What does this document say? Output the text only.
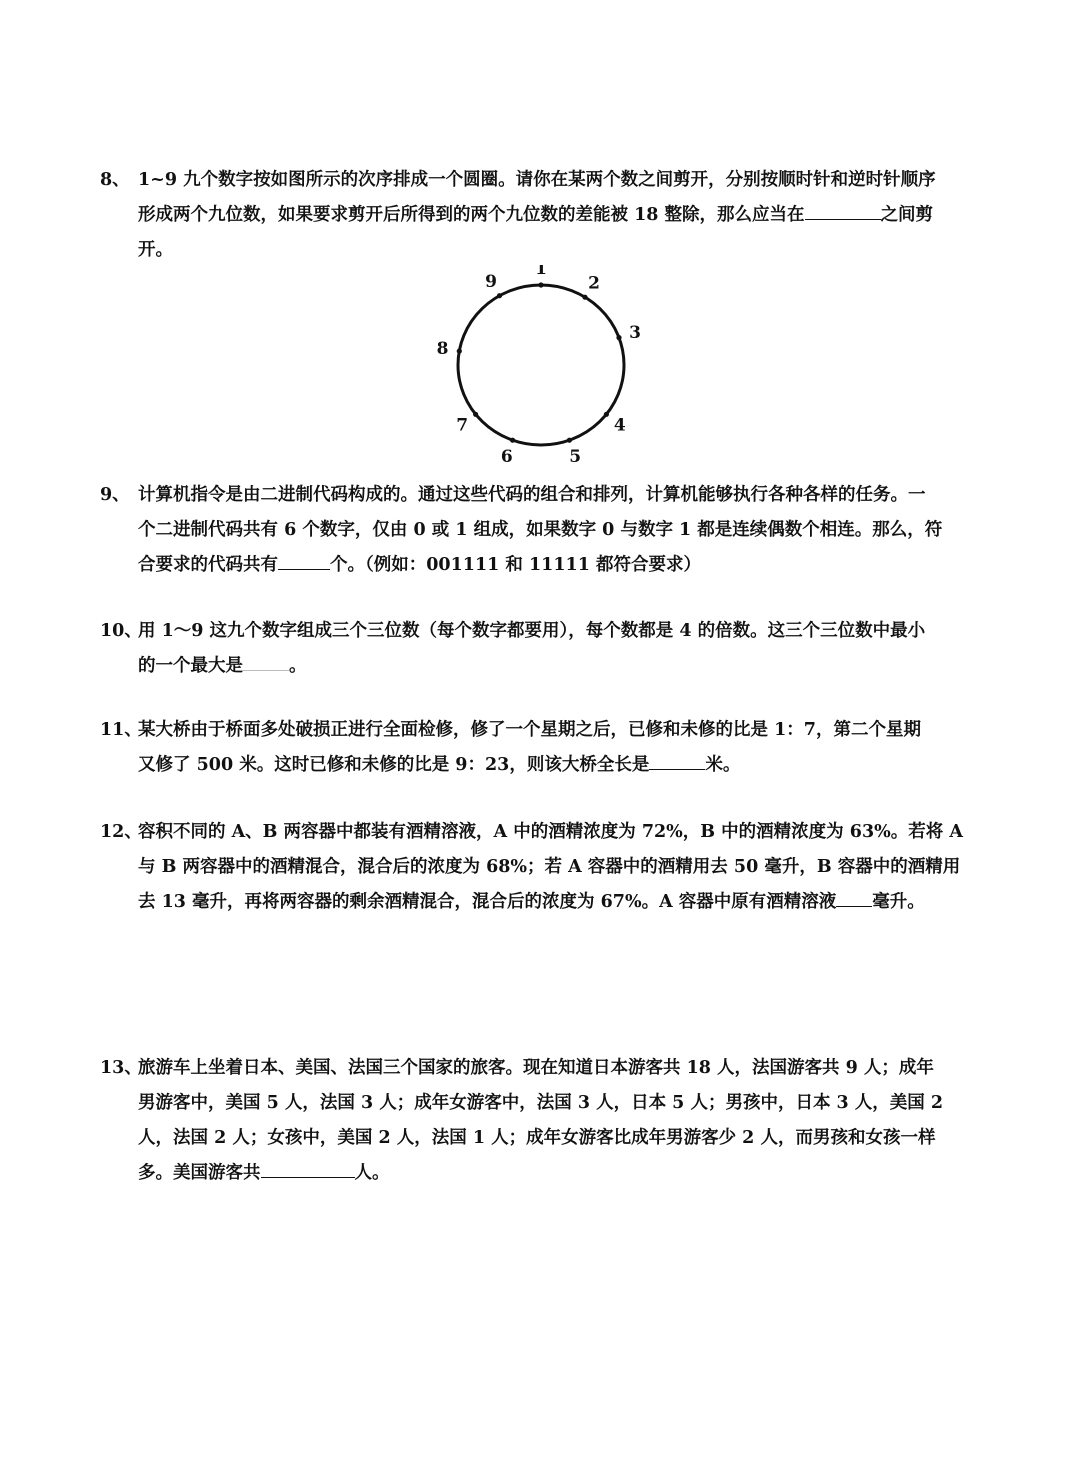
8、 1~9 九个数字按如图所示的次序排成一个圆圈。请你在某两个数之间剪开，分别按顺时针和逆时针顺序
形成两个九位数，如果要求剪开后所得到的两个九位数的差能被 18 整除，那么应当在	之间剪
开。
1
2
3
4
5
6
7
8
9
9、 计算机指令是由二进制代码构成的。通过这些代码的组合和排列，计算机能够执行各种各样的任务。一
个二进制代码共有 6 个数字，仅由 0 或 1 组成，如果数字 0 与数字 1 都是连续偶数个相连。那么，符
合要求的代码共有	个。（例如：001111 和 11111 都符合要求）
10、
用 1～9 这九个数字组成三个三位数（每个数字都要用），每个数都是 4 的倍数。这三个三位数中最小
的一个最大是	。
11、
某大桥由于桥面多处破损正进行全面检修，修了一个星期之后，已修和未修的比是 1：7，第二个星期
又修了 500 米。这时已修和未修的比是 9：23，则该大桥全长是	米。
12、
容积不同的 A、B 两容器中都装有酒精溶液，A 中的酒精浓度为 72%，B 中的酒精浓度为 63%。若将 A
与 B 两容器中的酒精混合，混合后的浓度为 68%；若 A 容器中的酒精用去 50 毫升，B 容器中的酒精用
去 13 毫升，再将两容器的剩余酒精混合，混合后的浓度为 67%。A 容器中原有酒精溶液 毫升。
13、
旅游车上坐着日本、美国、法国三个国家的旅客。现在知道日本游客共 18 人，法国游客共 9 人；成年
男游客中，美国 5 人，法国 3 人；成年女游客中，法国 3 人，日本 5 人；男孩中，日本 3 人，美国 2
人，法国 2 人；女孩中，美国 2 人，法国 1 人；成年女游客比成年男游客少 2 人，而男孩和女孩一样
多。美国游客共	人。
